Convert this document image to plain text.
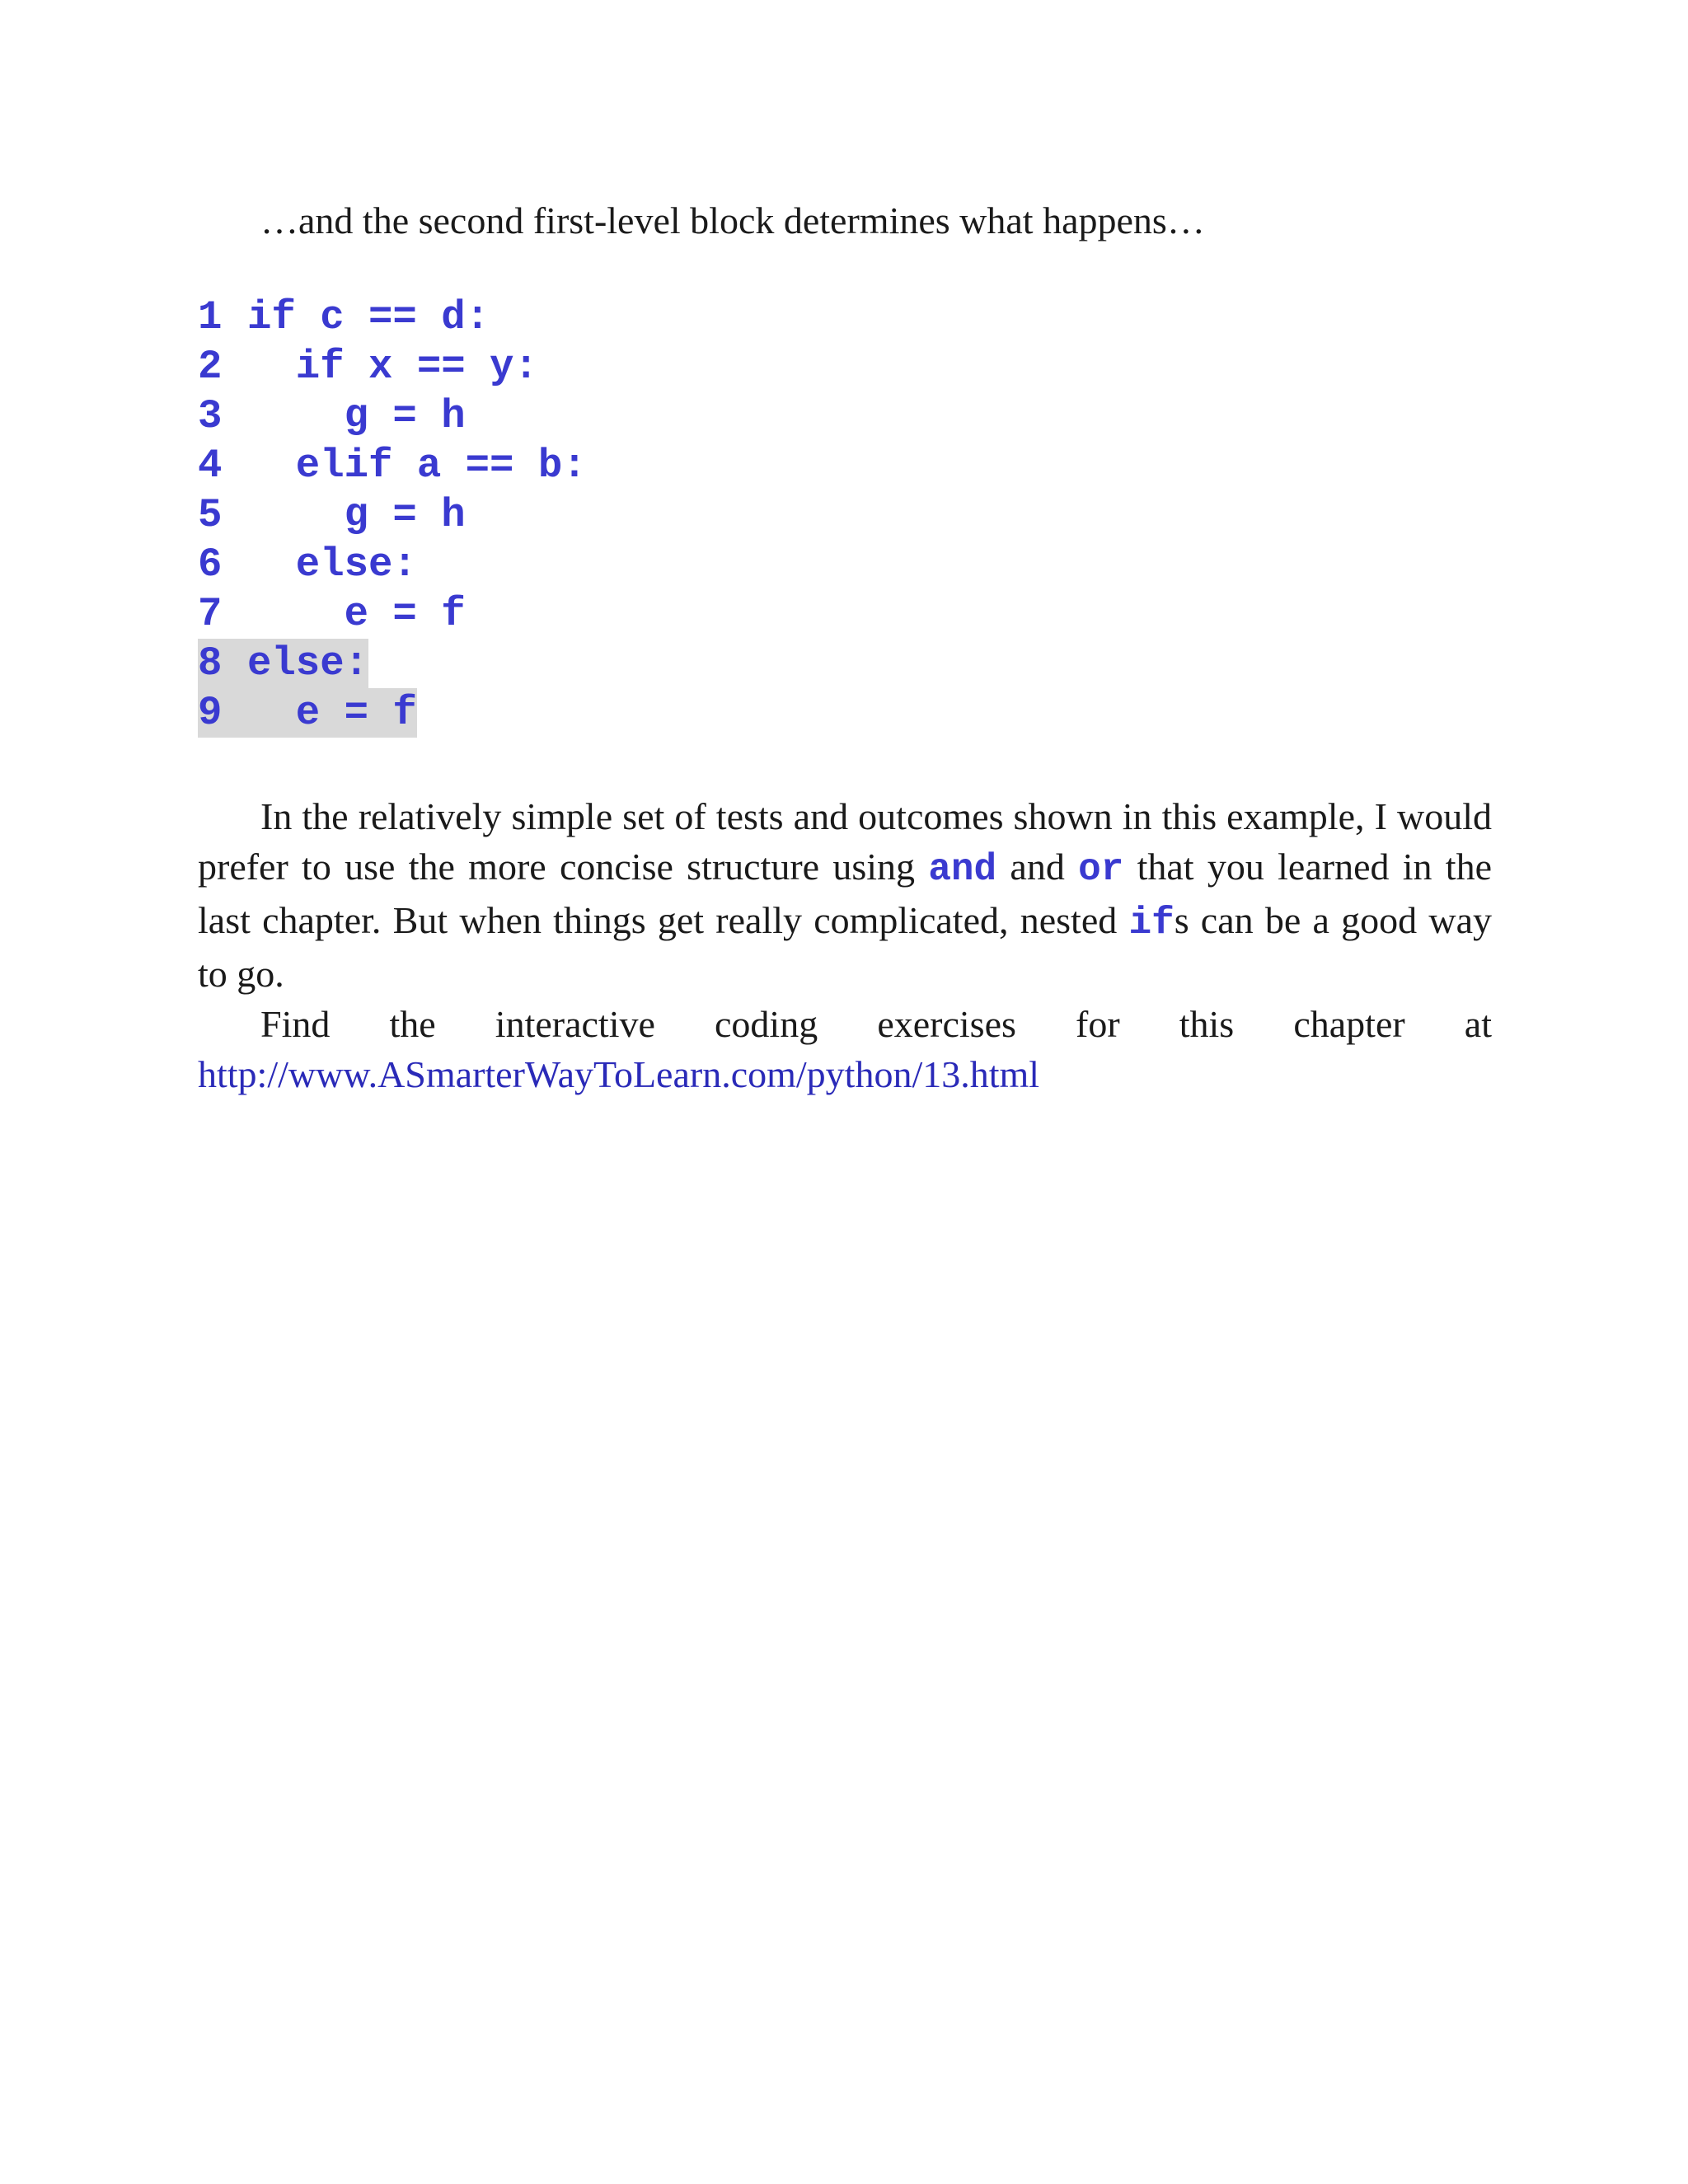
…and the second first-level block determines what happens…
1 if c == d:
2 if x == y:
3 g = h
4 elif a == b:
5 g = h
6 else:
7 e = f
8 else:
9 e = f

In the relatively simple set of tests and outcomes shown in this example, I would prefer to use the more concise structure using and and or that you learned in the last chapter. But when things get really complicated, nested ifs can be a good way to go.

Find the interactive coding exercises for this chapter at

http://www.ASmarterWayToLearn.com/python/13.html
